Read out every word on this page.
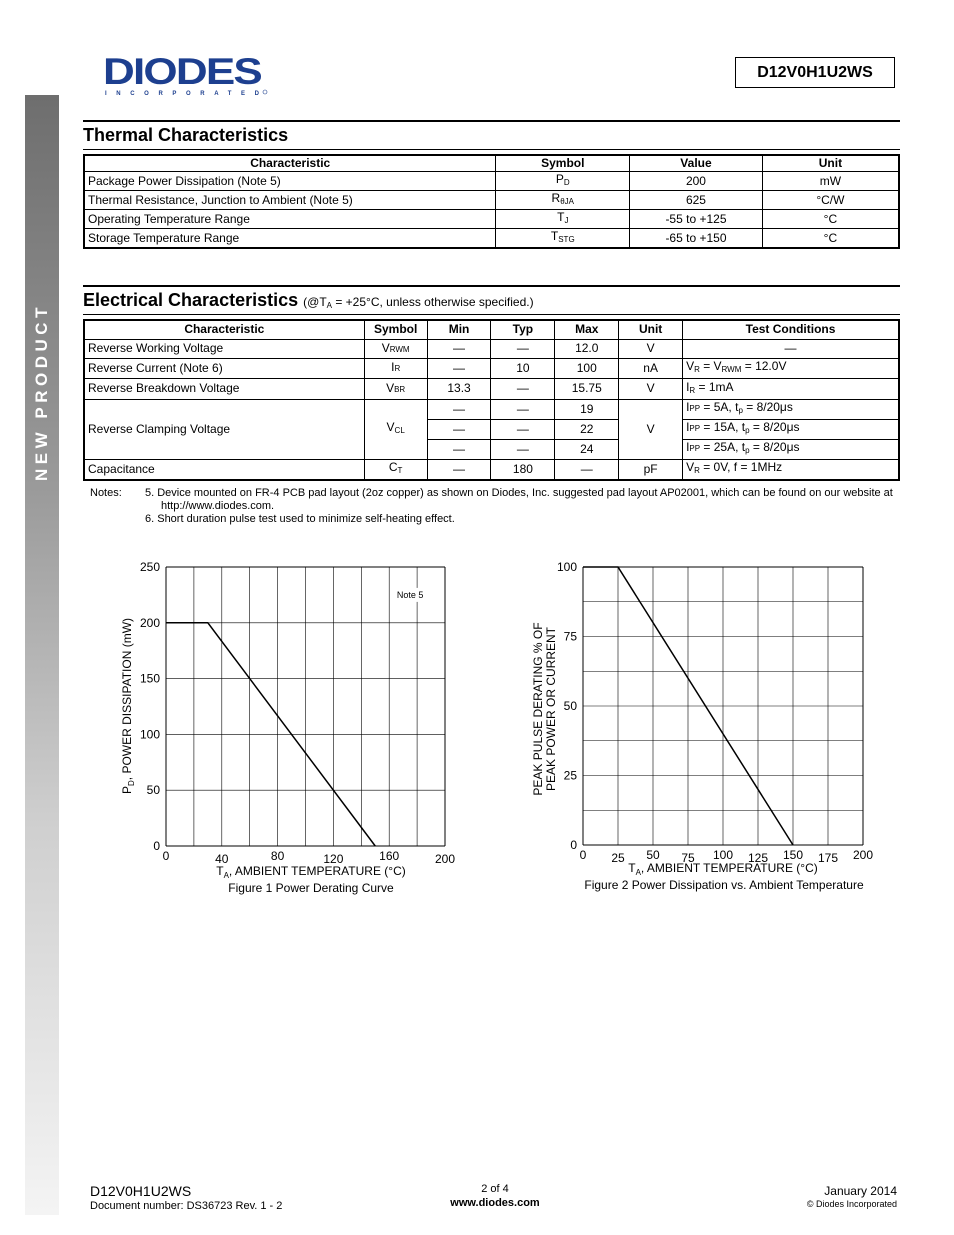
NEW PRODUCT
DIODES
INCORPORATED
D12V0H1U2WS
Thermal Characteristics
Characteristic	Symbol	Value	Unit
Package Power Dissipation (Note 5)	$P_D$	200	mW
Thermal Resistance, Junction to Ambient (Note 5)	$R_{\theta JA}$	625	°C/W
Operating Temperature Range	$T_J$	-55 to +125	°C
Storage Temperature Range	$T_{STG}$	-65 to +150	°C
Electrical Characteristics ($@T_A = +25^\circ C$, unless otherwise specified.)
Characteristic	Symbol	Min	Typ	Max	Unit	Test Conditions
Reverse Working Voltage	VRWM	—	—	12.0	V	—
Reverse Current (Note 6)	IR	—	10	100	nA	$V_R = V_{RWM} = 12.0V$
Reverse Breakdown Voltage	VBR	13.3	—	15.75	V	$I_R = 1mA$
Reverse Clamping Voltage	$V_{CL}$	—	—	19	V	IPP = 5A, $t_p = 8/20\mu s$
		—	—	22		IPP = 15A, $t_p = 8/20\mu s$
		—	—	24		IPP = 25A, $t_p = 8/20\mu s$
Capacitance	$C_T$	—	180	—	pF	$V_R = 0V$, f = 1MHz
Notes: 5. Device mounted on FR-4 PCB pad layout (2oz copper) as shown on Diodes, Inc. suggested pad layout AP02001, which can be found on our website at
http://www.diodes.com.
6. Short duration pulse test used to minimize self-heating effect.
0	40	80	120	160	200
0
50
100
150
200
250
Note 5
$T_A$, AMBIENT TEMPERATURE (°C)
$P_D$, POWER DISSIPATION (mW)
Figure 1 Power Derating Curve
0 25 50 75 100 125 150 175 200
0
25
50
75
100
$T_A$, AMBIENT TEMPERATURE (°C)
PEAK PULSE DERATING % OF PEAK POWER OR CURRENT
Figure 2 Power Dissipation vs. Ambient Temperature
D12V0H1U2WS
Document number: DS36723 Rev. 1 - 2
2 of 4
www.diodes.com
January 2014
© Diodes Incorporated
